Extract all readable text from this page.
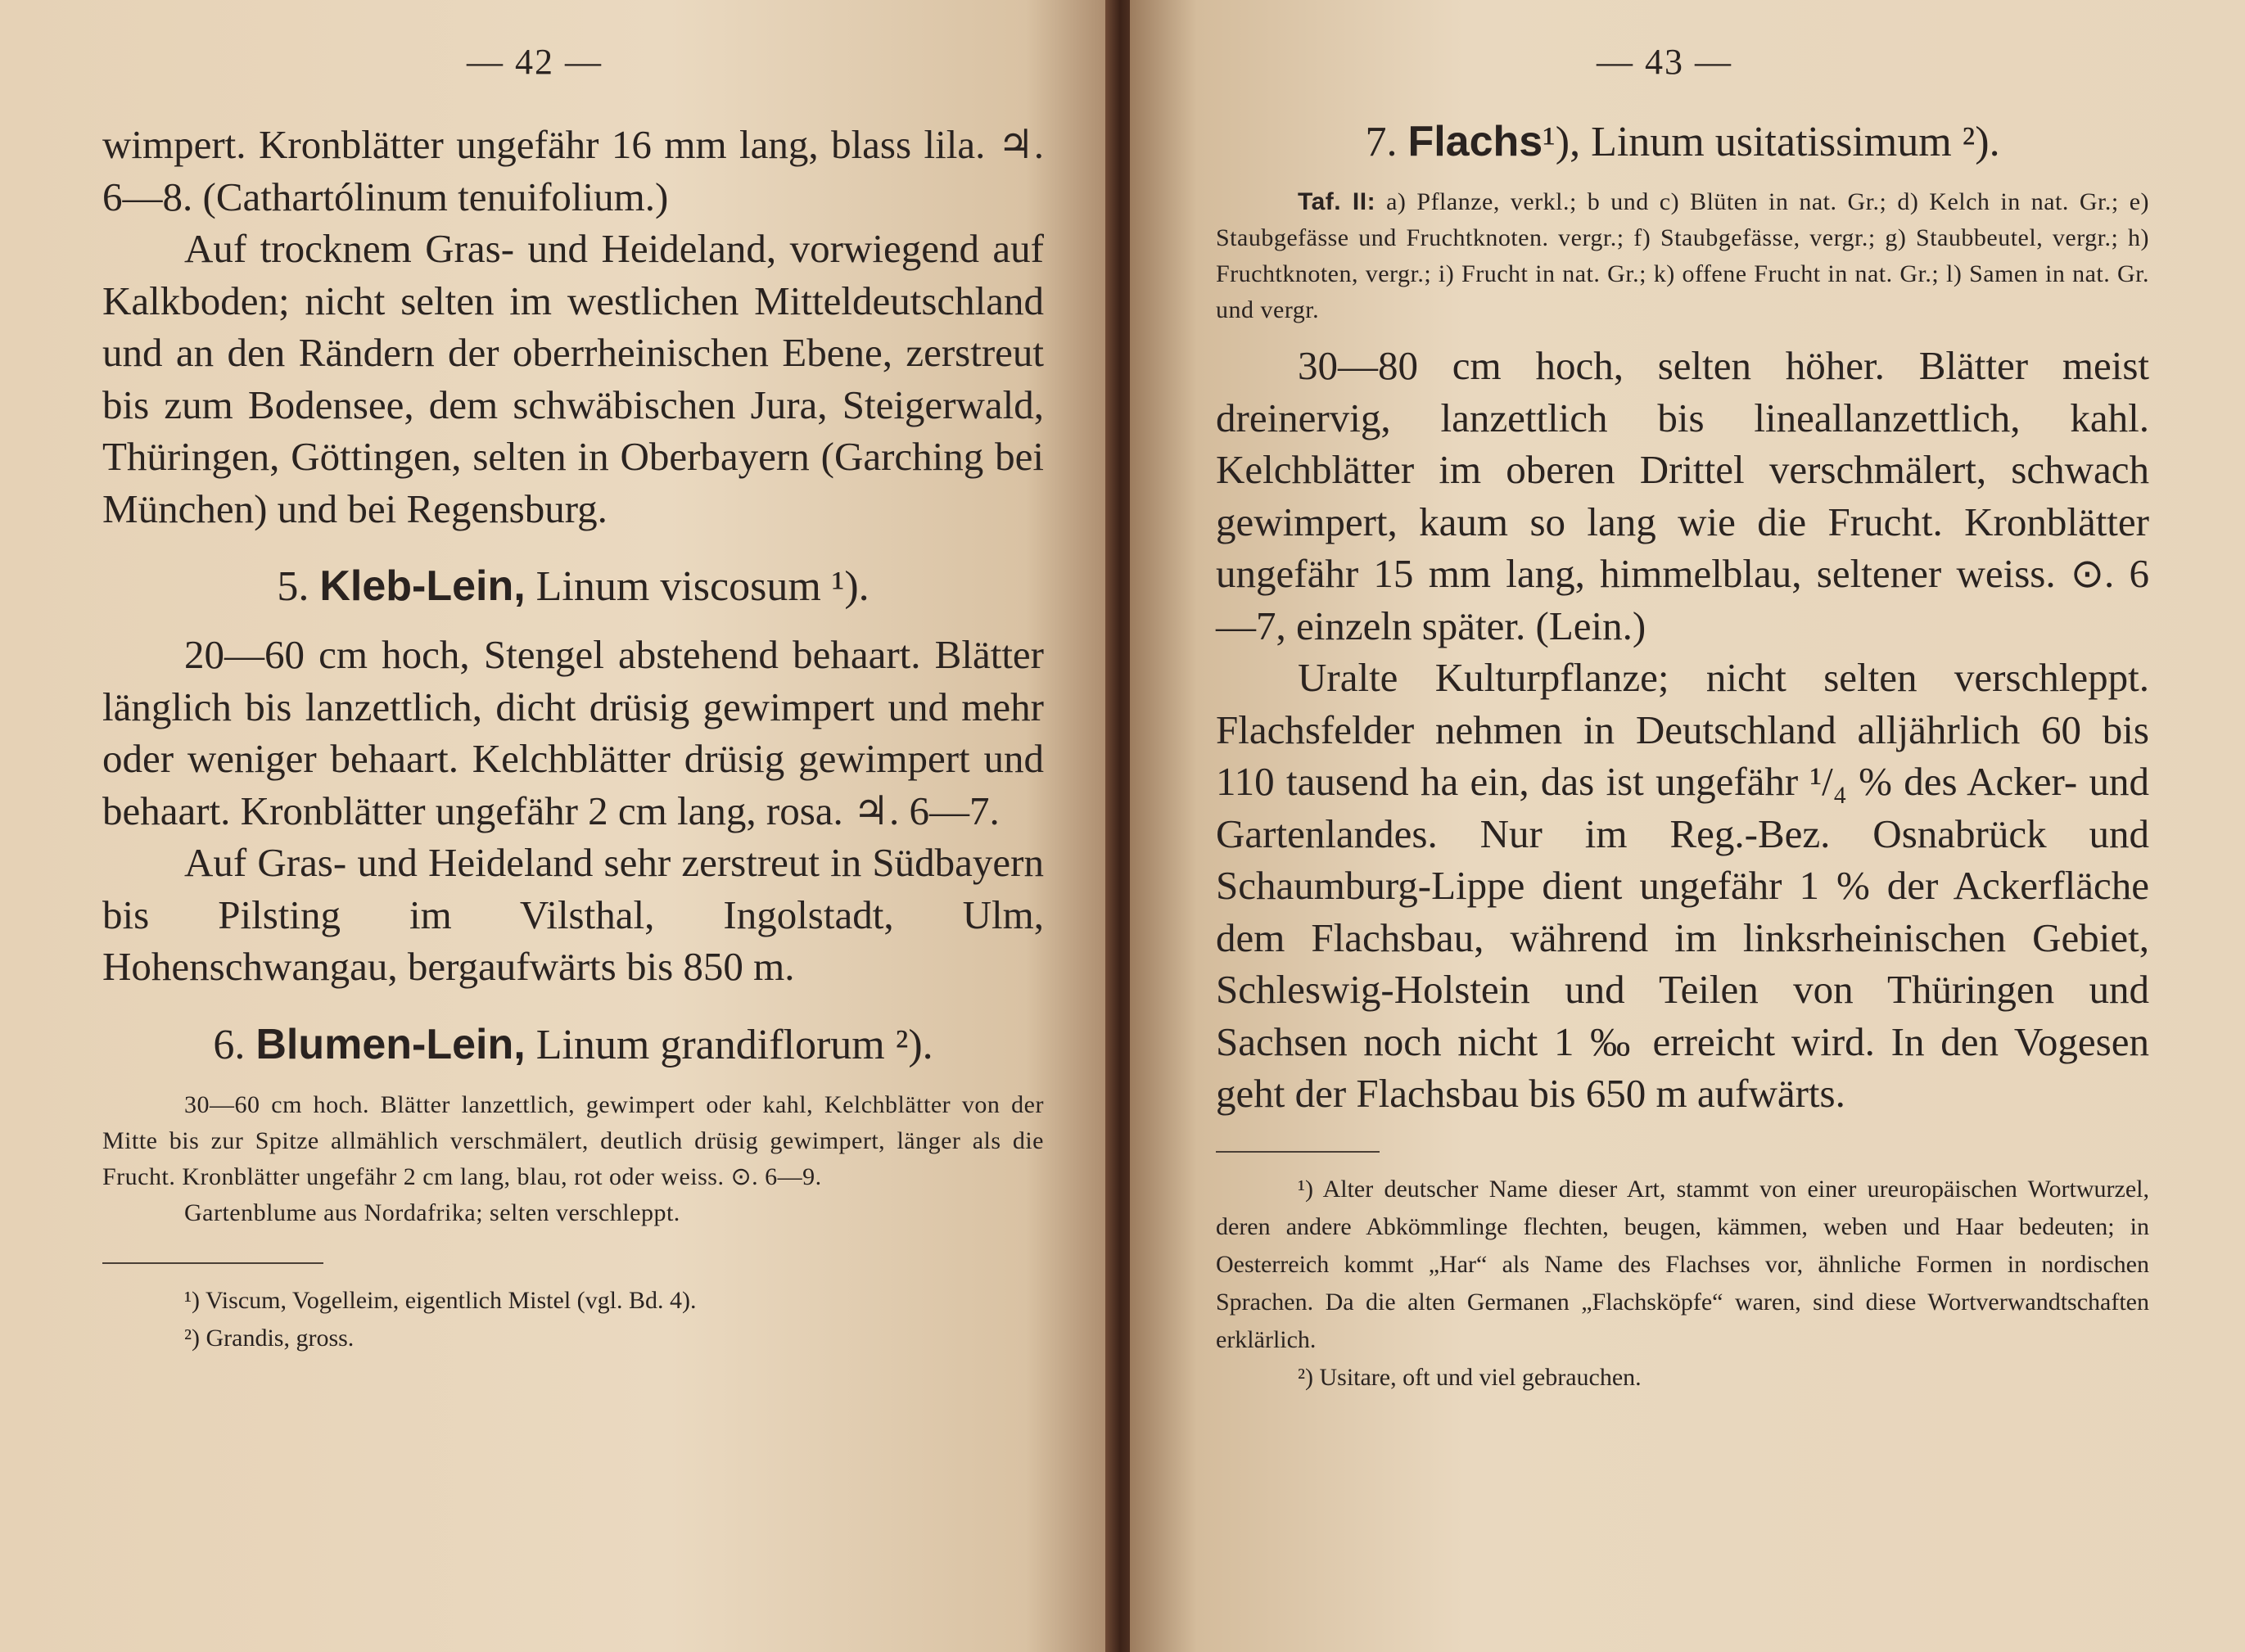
— 42 —

wimpert. Kronblätter ungefähr 16 mm lang, blass lila. ♃. 6—8. (Cathartólinum tenuifolium.)

Auf trocknem Gras- und Heideland, vorwiegend auf Kalkboden; nicht selten im westlichen Mitteldeutschland und an den Rändern der oberrheinischen Ebene, zerstreut bis zum Bodensee, dem schwäbischen Jura, Steigerwald, Thüringen, Göttingen, selten in Oberbayern (Garching bei München) und bei Regensburg.

5. Kleb-Lein, Linum viscosum ¹).

20—60 cm hoch, Stengel abstehend behaart. Blätter länglich bis lanzettlich, dicht drüsig gewimpert und mehr oder weniger behaart. Kelchblätter drüsig gewimpert und behaart. Kronblätter ungefähr 2 cm lang, rosa. ♃. 6—7.

Auf Gras- und Heideland sehr zerstreut in Südbayern bis Pilsting im Vilsthal, Ingolstadt, Ulm, Hohenschwangau, bergaufwärts bis 850 m.

6. Blumen-Lein, Linum grandiflorum ²).

30—60 cm hoch. Blätter lanzettlich, gewimpert oder kahl, Kelchblätter von der Mitte bis zur Spitze allmählich verschmälert, deutlich drüsig gewimpert, länger als die Frucht. Kronblätter ungefähr 2 cm lang, blau, rot oder weiss. ⊙. 6—9.

Gartenblume aus Nordafrika; selten verschleppt.

¹) Viscum, Vogelleim, eigentlich Mistel (vgl. Bd. 4).

²) Grandis, gross.

— 43 —
7. Flachs¹), Linum usitatissimum ²).

Taf. II: a) Pflanze, verkl.; b und c) Blüten in nat. Gr.; d) Kelch in nat. Gr.; e) Staubgefässe und Fruchtknoten. vergr.; f) Staubgefässe, vergr.; g) Staubbeutel, vergr.; h) Fruchtknoten, vergr.; i) Frucht in nat. Gr.; k) offene Frucht in nat. Gr.; l) Samen in nat. Gr. und vergr.

30—80 cm hoch, selten höher. Blätter meist dreinervig, lanzettlich bis lineallanzettlich, kahl. Kelchblätter im oberen Drittel verschmälert, schwach gewimpert, kaum so lang wie die Frucht. Kronblätter ungefähr 15 mm lang, himmelblau, seltener weiss. ⊙. 6—7, einzeln später. (Lein.)

Uralte Kulturpflanze; nicht selten verschleppt. Flachsfelder nehmen in Deutschland alljährlich 60 bis 110 tausend ha ein, das ist ungefähr ¹/₄ % des Acker- und Gartenlandes. Nur im Reg.-Bez. Osnabrück und Schaumburg-Lippe dient ungefähr 1 % der Ackerfläche dem Flachsbau, während im linksrheinischen Gebiet, Schleswig-Holstein und Teilen von Thüringen und Sachsen noch nicht 1 ‰ erreicht wird. In den Vogesen geht der Flachsbau bis 650 m aufwärts.

¹) Alter deutscher Name dieser Art, stammt von einer ureuropäischen Wortwurzel, deren andere Abkömmlinge flechten, beugen, kämmen, weben und Haar bedeuten; in Oesterreich kommt „Har“ als Name des Flachses vor, ähnliche Formen in nordischen Sprachen. Da die alten Germanen „Flachsköpfe“ waren, sind diese Wortverwandtschaften erklärlich.

²) Usitare, oft und viel gebrauchen.
